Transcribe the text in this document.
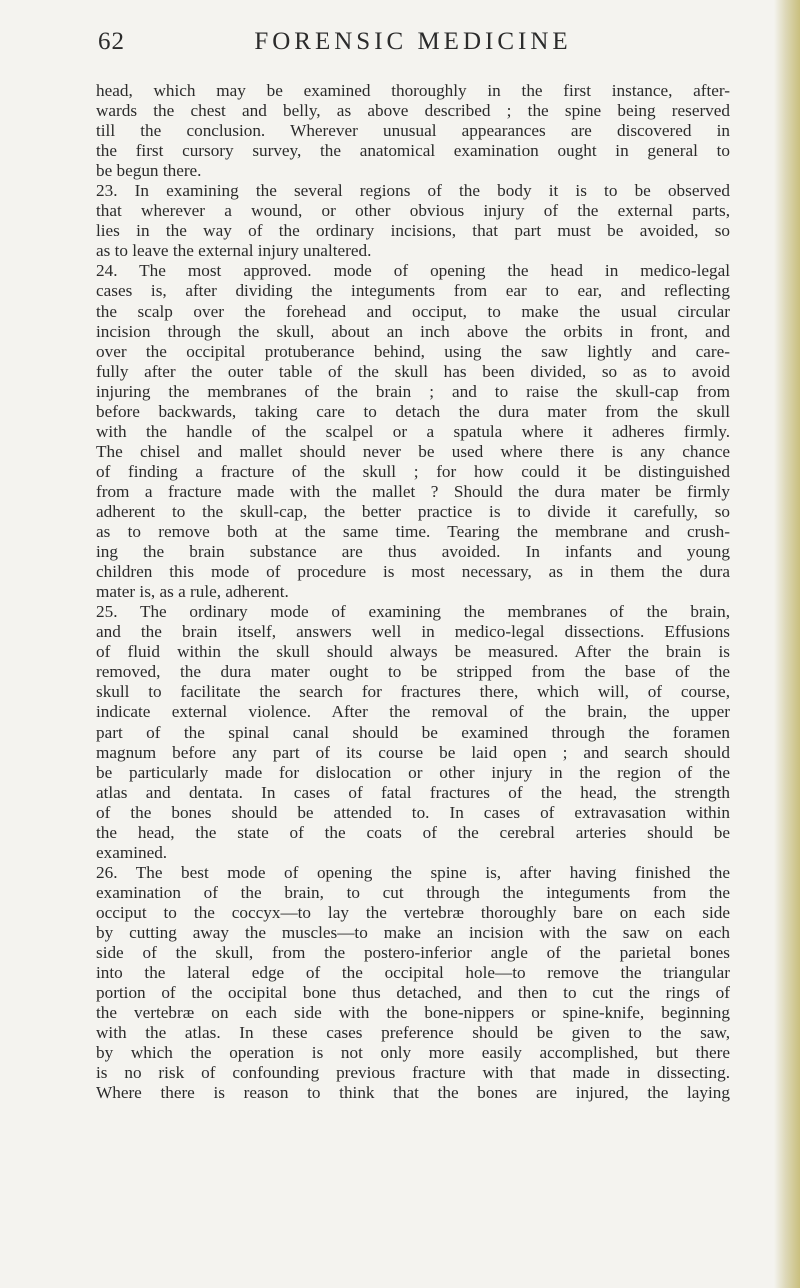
62	FORENSIC MEDICINE
head, which may be examined thoroughly in the first instance, after-
wards the chest and belly, as above described ; the spine being reserved
till the conclusion. Wherever unusual appearances are discovered in
the first cursory survey, the anatomical examination ought in general to
be begun there.
23. In examining the several regions of the body it is to be observed
that wherever a wound, or other obvious injury of the external parts,
lies in the way of the ordinary incisions, that part must be avoided, so
as to leave the external injury unaltered.
24. The most approved. mode of opening the head in medico-legal
cases is, after dividing the integuments from ear to ear, and reflecting
the scalp over the forehead and occiput, to make the usual circular
incision through the skull, about an inch above the orbits in front, and
over the occipital protuberance behind, using the saw lightly and care-
fully after the outer table of the skull has been divided, so as to avoid
injuring the membranes of the brain ; and to raise the skull-cap from
before backwards, taking care to detach the dura mater from the skull
with the handle of the scalpel or a spatula where it adheres firmly.
The chisel and mallet should never be used where there is any chance
of finding a fracture of the skull ; for how could it be distinguished
from a fracture made with the mallet ? Should the dura mater be firmly
adherent to the skull-cap, the better practice is to divide it carefully, so
as to remove both at the same time. Tearing the membrane and crush-
ing the brain substance are thus avoided. In infants and young
children this mode of procedure is most necessary, as in them the dura
mater is, as a rule, adherent.
25. The ordinary mode of examining the membranes of the brain,
and the brain itself, answers well in medico-legal dissections. Effusions
of fluid within the skull should always be measured. After the brain is
removed, the dura mater ought to be stripped from the base of the
skull to facilitate the search for fractures there, which will, of course,
indicate external violence. After the removal of the brain, the upper
part of the spinal canal should be examined through the foramen
magnum before any part of its course be laid open ; and search should
be particularly made for dislocation or other injury in the region of the
atlas and dentata. In cases of fatal fractures of the head, the strength
of the bones should be attended to. In cases of extravasation within
the head, the state of the coats of the cerebral arteries should be
examined.
26. The best mode of opening the spine is, after having finished the
examination of the brain, to cut through the integuments from the
occiput to the coccyx—to lay the vertebræ thoroughly bare on each side
by cutting away the muscles—to make an incision with the saw on each
side of the skull, from the postero-inferior angle of the parietal bones
into the lateral edge of the occipital hole—to remove the triangular
portion of the occipital bone thus detached, and then to cut the rings of
the vertebræ on each side with the bone-nippers or spine-knife, beginning
with the atlas. In these cases preference should be given to the saw,
by which the operation is not only more easily accomplished, but there
is no risk of confounding previous fracture with that made in dissecting.
Where there is reason to think that the bones are injured, the laying
